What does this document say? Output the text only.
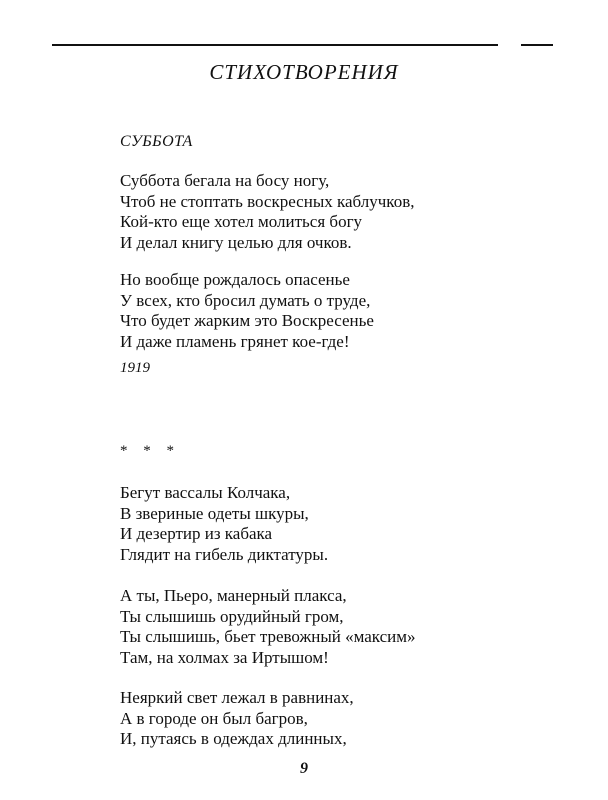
СТИХОТВОРЕНИЯ
СУББОТА
Суббота бегала на босу ногу,
Чтоб не стоптать воскресных каблучков,
Кой-кто еще хотел молиться богу
И делал книгу целью для очков.
Но вообще рождалось опасенье
У всех, кто бросил думать о труде,
Что будет жарким это Воскресенье
И даже пламень грянет кое-где!
1919
* * *
Бегут вассалы Колчака,
В звериные одеты шкуры,
И дезертир из кабака
Глядит на гибель диктатуры.
А ты, Пьеро, манерный плакса,
Ты слышишь орудийный гром,
Ты слышишь, бьет тревожный «максим»
Там, на холмах за Иртышом!
Неяркий свет лежал в равнинах,
А в городе он был багров,
И, путаясь в одеждах длинных,
9
